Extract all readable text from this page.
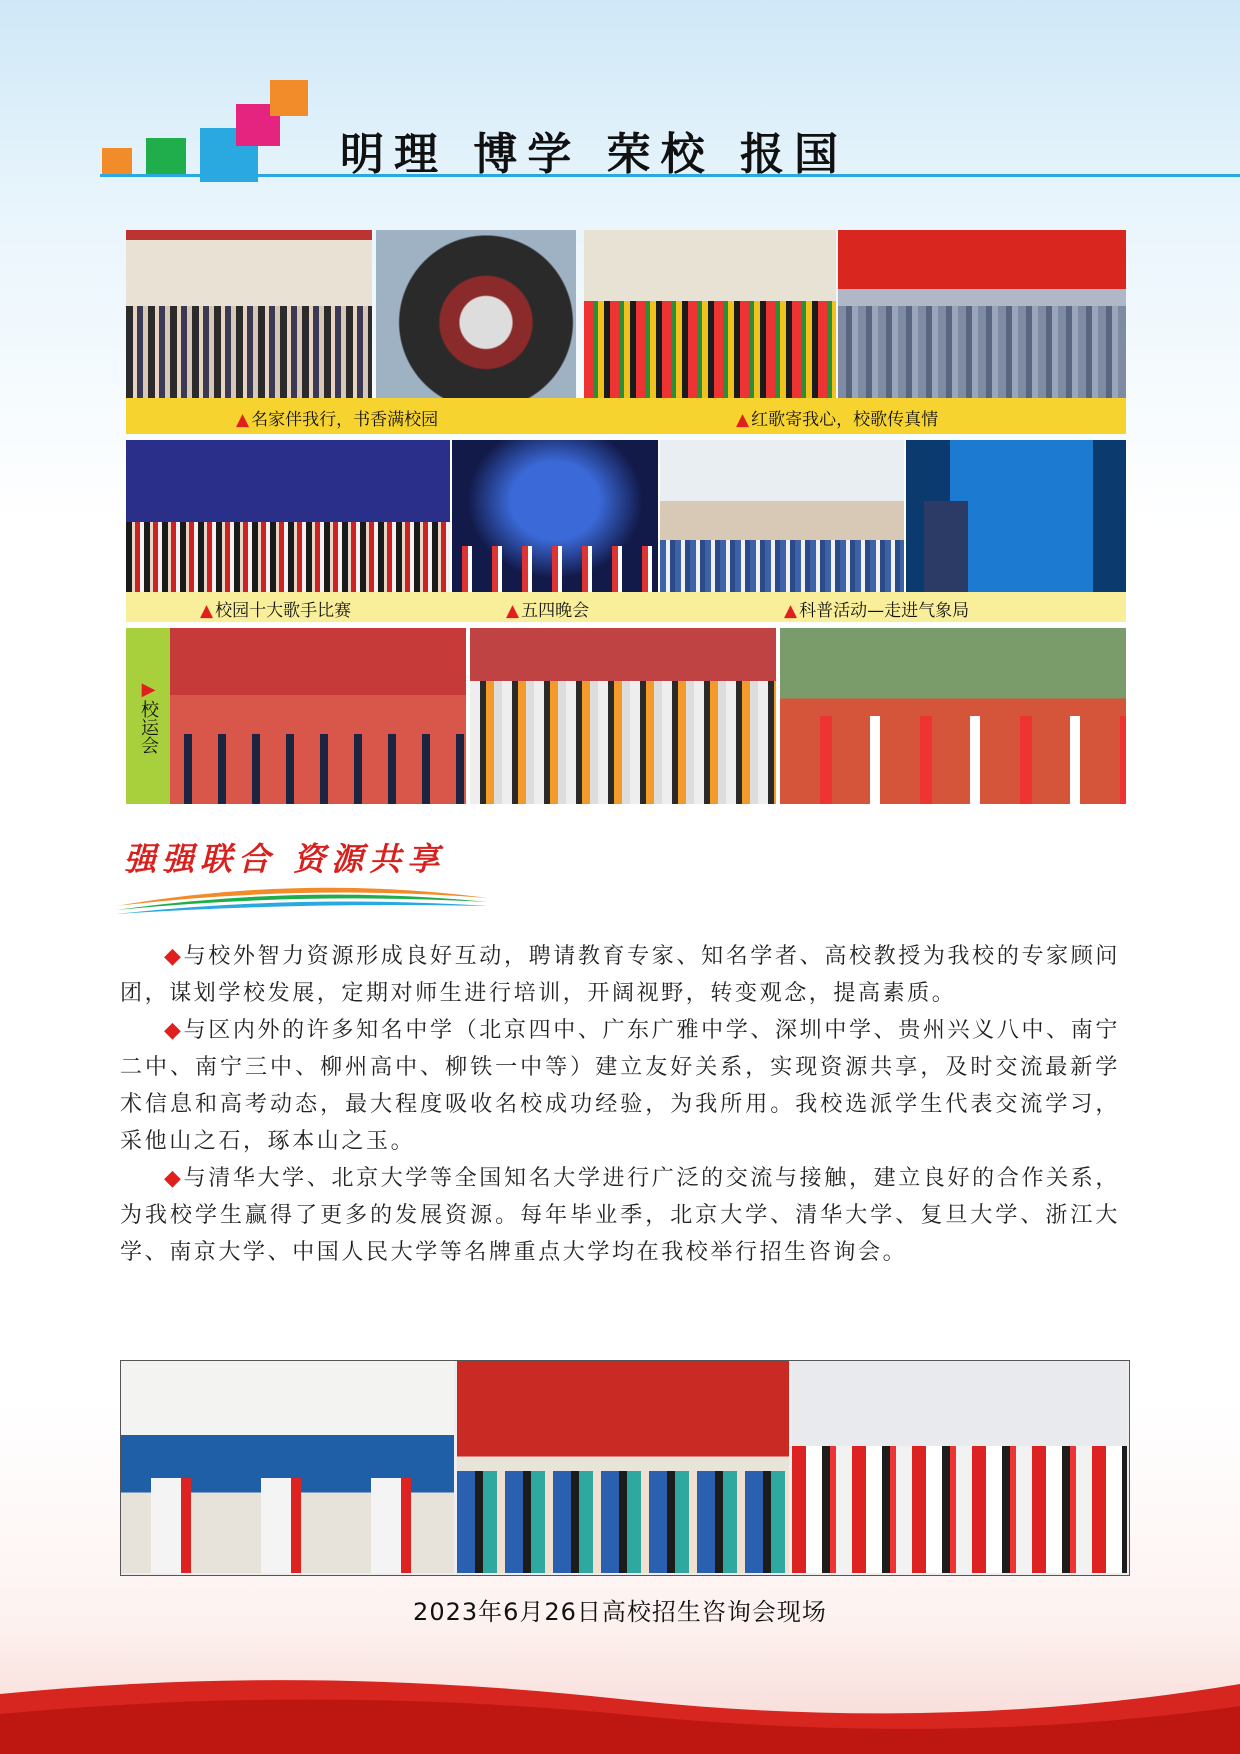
明理 博学 荣校 报国
▲ 名家伴我行，书香满校园	▲ 红歌寄我心，校歌传真情
▲ 校园十大歌手比赛	▲ 五四晚会	▲ 科普活动—走进气象局
▶校运会
强强联合 资源共享

◆与校外智力资源形成良好互动，聘请教育专家、知名学者、高校教授为我校的专家顾问团，谋划学校发展，定期对师生进行培训，开阔视野，转变观念，提高素质。

◆与区内外的许多知名中学（北京四中、广东广雅中学、深圳中学、贵州兴义八中、南宁二中、南宁三中、柳州高中、柳铁一中等）建立友好关系，实现资源共享，及时交流最新学术信息和高考动态，最大程度吸收名校成功经验，为我所用。我校选派学生代表交流学习，采他山之石，琢本山之玉。

◆与清华大学、北京大学等全国知名大学进行广泛的交流与接触，建立良好的合作关系，为我校学生赢得了更多的发展资源。每年毕业季，北京大学、清华大学、复旦大学、浙江大学、南京大学、中国人民大学等名牌重点大学均在我校举行招生咨询会。

2023年6月26日高校招生咨询会现场
